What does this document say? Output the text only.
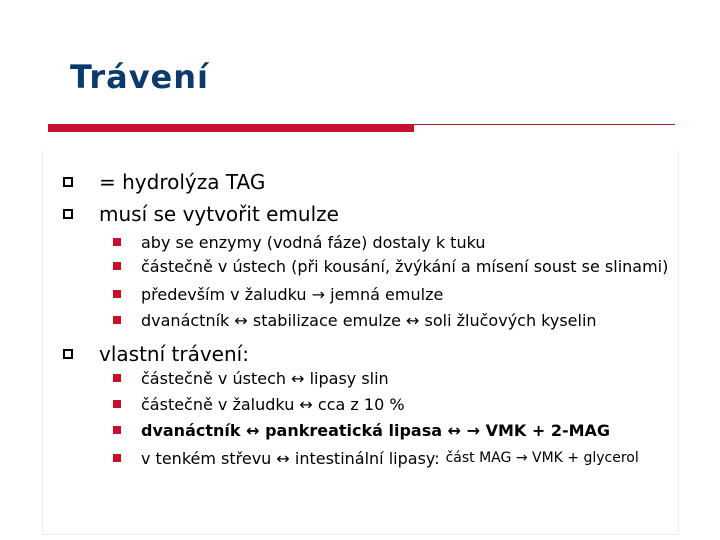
Trávení
= hydrolýza TAG
musí se vytvořit emulze
aby se enzymy (vodná fáze) dostaly k tuku
částečně v ústech (při kousání, žvýkání a mísení soust se slinami)
především v žaludku → jemná emulze
dvanáctník ↔ stabilizace emulze ↔ soli žlučových kyselin
vlastní trávení:
částečně v ústech ↔ lipasy slin
částečně v žaludku ↔ cca z 10 %
dvanáctník ↔ pankreatická lipasa ↔ → VMK + 2-MAG
v tenkém střevu ↔ intestinální lipasy: část MAG → VMK + glycerol
